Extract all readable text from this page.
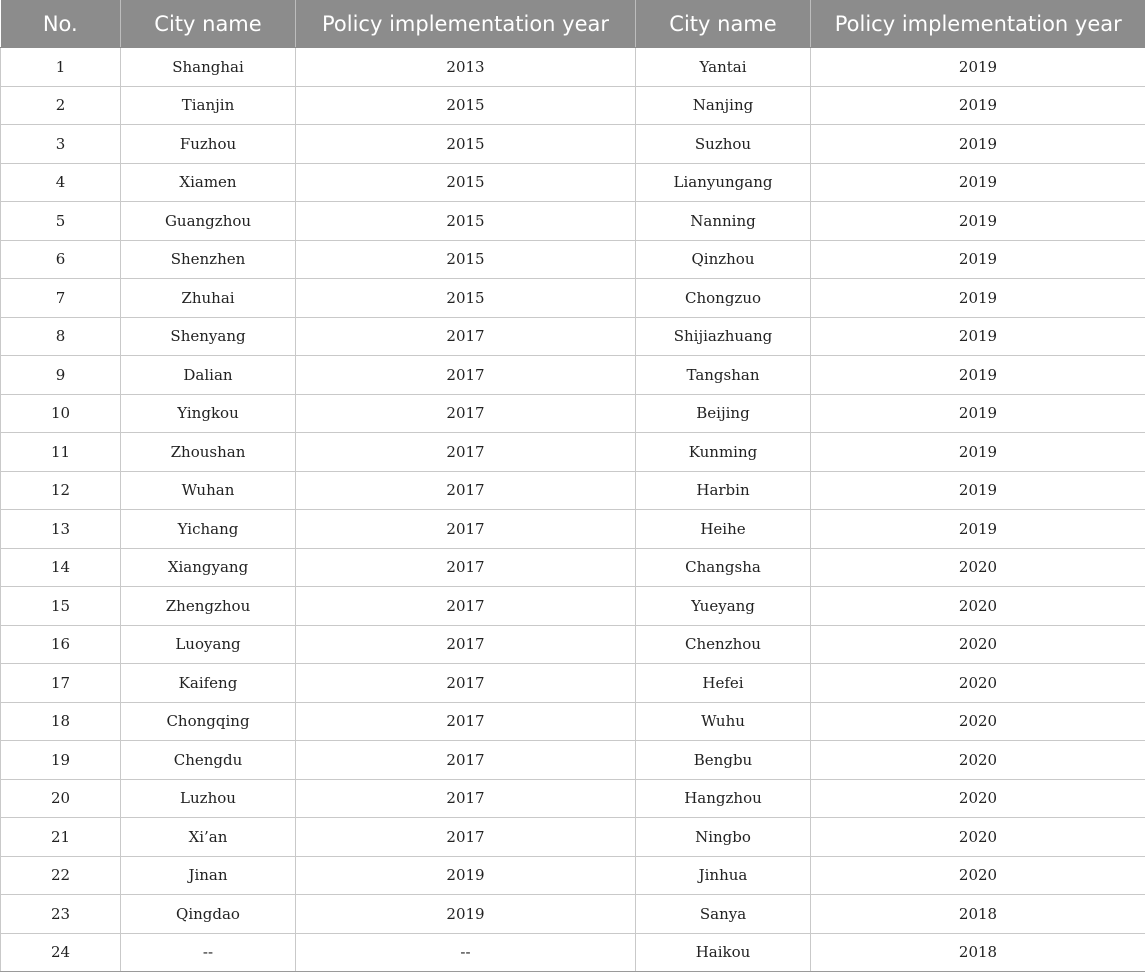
No.	City name	Policy implementation year	City name	Policy implementation year
1	Shanghai	2013	Yantai	2019
2	Tianjin	2015	Nanjing	2019
3	Fuzhou	2015	Suzhou	2019
4	Xiamen	2015	Lianyungang	2019
5	Guangzhou	2015	Nanning	2019
6	Shenzhen	2015	Qinzhou	2019
7	Zhuhai	2015	Chongzuo	2019
8	Shenyang	2017	Shijiazhuang	2019
9	Dalian	2017	Tangshan	2019
10	Yingkou	2017	Beijing	2019
11	Zhoushan	2017	Kunming	2019
12	Wuhan	2017	Harbin	2019
13	Yichang	2017	Heihe	2019
14	Xiangyang	2017	Changsha	2020
15	Zhengzhou	2017	Yueyang	2020
16	Luoyang	2017	Chenzhou	2020
17	Kaifeng	2017	Hefei	2020
18	Chongqing	2017	Wuhu	2020
19	Chengdu	2017	Bengbu	2020
20	Luzhou	2017	Hangzhou	2020
21	Xi’an	2017	Ningbo	2020
22	Jinan	2019	Jinhua	2020
23	Qingdao	2019	Sanya	2018
24	--	--	Haikou	2018
